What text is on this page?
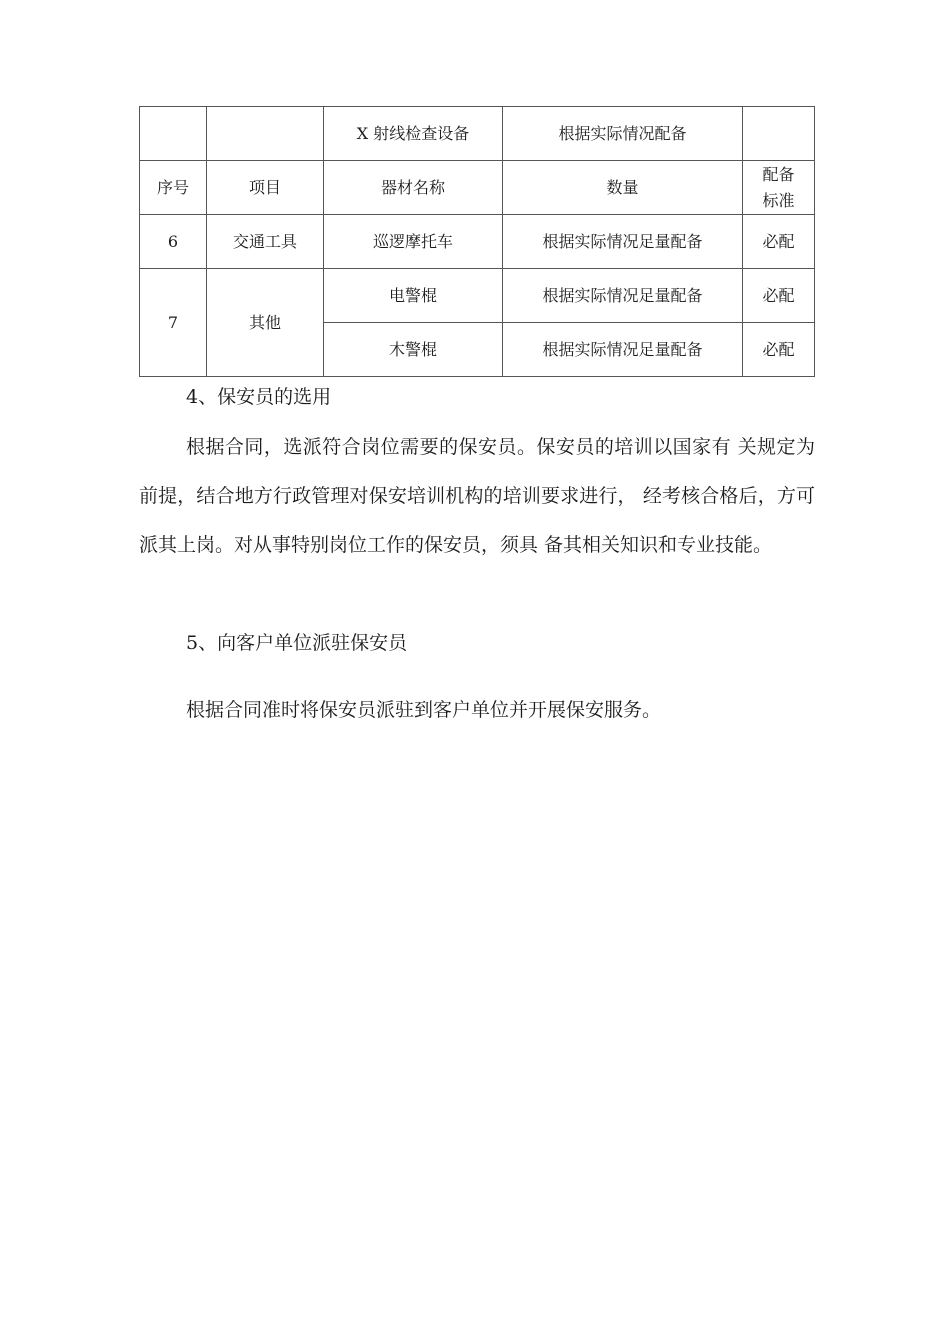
		X 射线检查设备	根据实际情况配备	
序号	项目	器材名称	数量	配备
标准
6	交通工具	巡逻摩托车	根据实际情况足量配备	必配
7	其他	电警棍	根据实际情况足量配备	必配
		木警棍	根据实际情况足量配备	必配
4、保安员的选用

根据合同，选派符合岗位需要的保安员。保安员的培训以国家有 关规定为前提，结合地方行政管理对保安培训机构的培训要求进行， 经考核合格后，方可派其上岗。对从事特别岗位工作的保安员，须具 备其相关知识和专业技能。

5、向客户单位派驻保安员

根据合同准时将保安员派驻到客户单位并开展保安服务。
